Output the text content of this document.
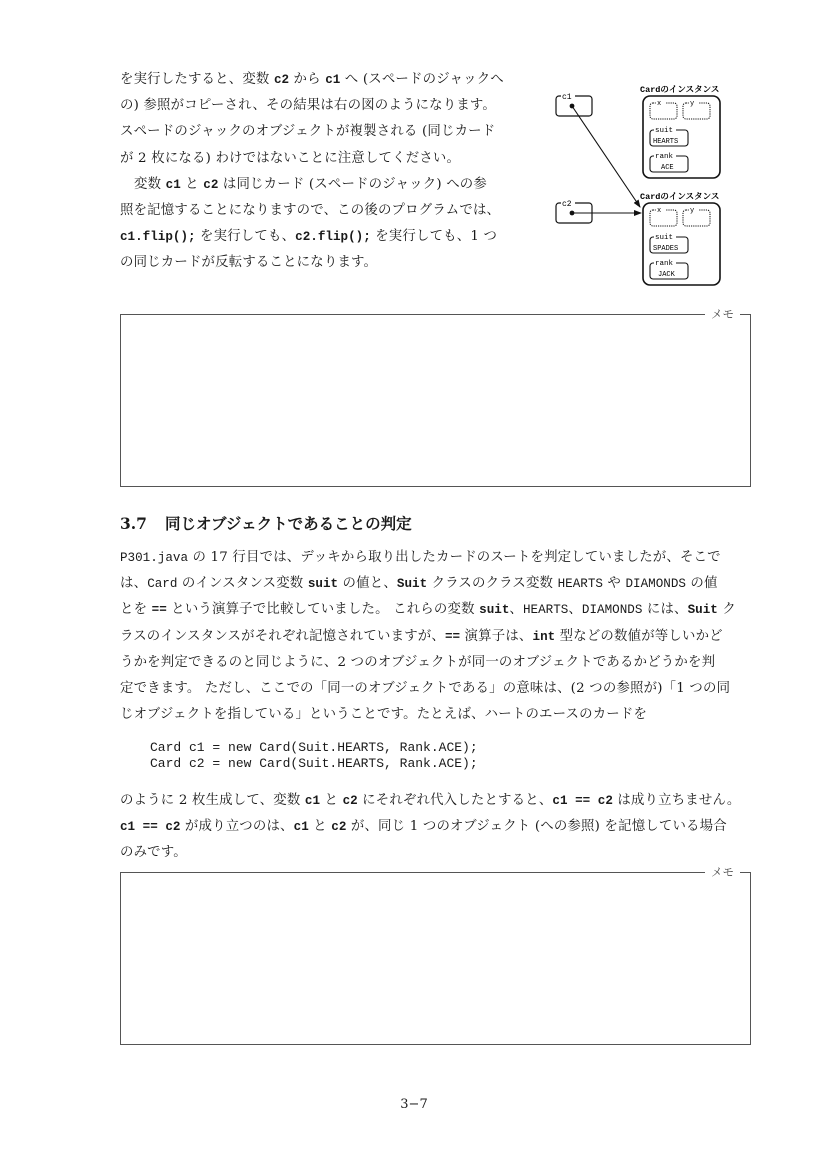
を実行したすると、変数 c2 から c1 へ (スペードのジャックへ
の) 参照がコピーされ、その結果は右の図のようになります。
スペードのジャックのオブジェクトが複製される (同じカード
が 2 枚になる) わけではないことに注意してください。
変数 c1 と c2 は同じカード (スペードのジャック) への参
照を記憶することになりますので、この後のプログラムでは、
c1.flip(); を実行しても、c2.flip(); を実行しても、1 つ
の同じカードが反転することになります。
c1
c2
Cardのインスタンス
x	y
suit
HEARTS
rank
ACE
Cardのインスタンス
x	y
suit
SPADES
rank
JACK
メモ
3.7 同じオブジェクトであることの判定
P301.java の 17 行目では、デッキから取り出したカードのスートを判定していましたが、そこで
は、Card のインスタンス変数 suit の値と、Suit クラスのクラス変数 HEARTS や DIAMONDS の値
とを == という演算子で比較していました。 これらの変数 suit、HEARTS、DIAMONDS には、Suit ク
ラスのインスタンスがそれぞれ記憶されていますが、== 演算子は、int 型などの数値が等しいかど
うかを判定できるのと同じように、2 つのオブジェクトが同一のオブジェクトであるかどうかを判
定できます。 ただし、ここでの「同一のオブジェクトである」の意味は、(2 つの参照が)「1 つの同
じオブジェクトを指している」ということです。たとえば、ハートのエースのカードを
Card c1 = new Card(Suit.HEARTS, Rank.ACE);
Card c2 = new Card(Suit.HEARTS, Rank.ACE);
のように 2 枚生成して、変数 c1 と c2 にそれぞれ代入したとすると、c1 == c2 は成り立ちません。
c1 == c2 が成り立つのは、c1 と c2 が、同じ 1 つのオブジェクト (への参照) を記憶している場合
のみです。
メモ
3−7
